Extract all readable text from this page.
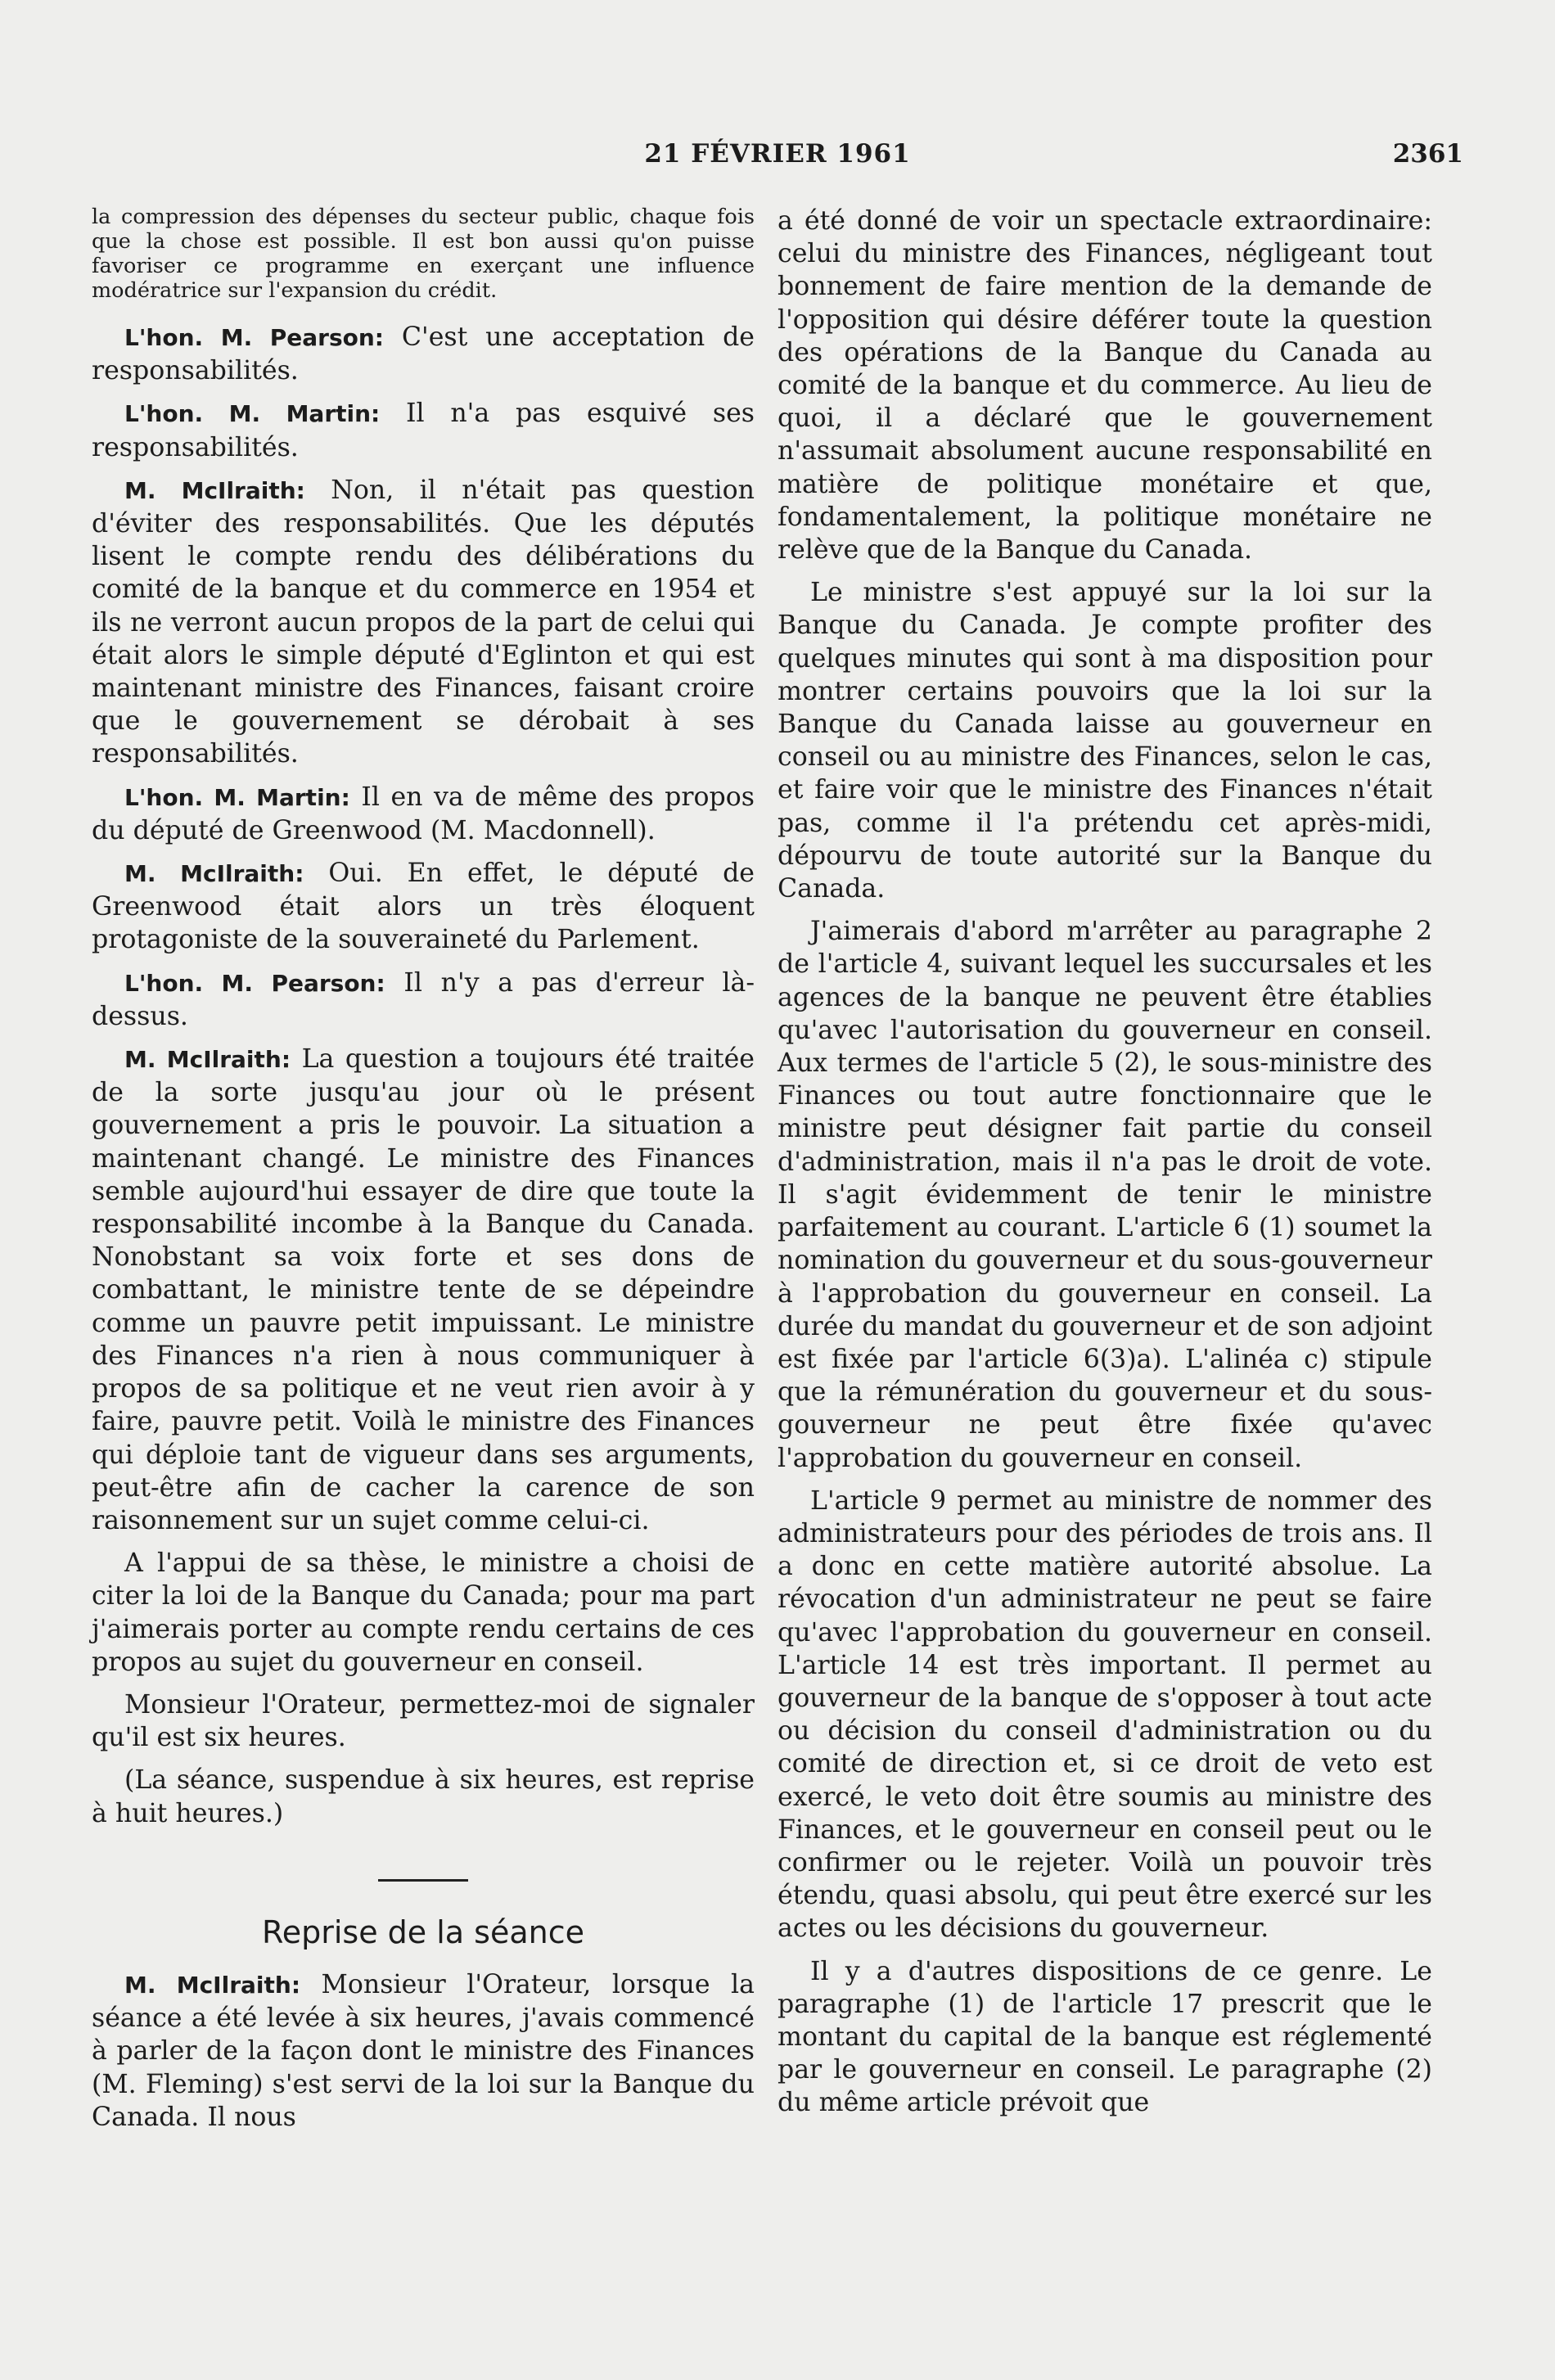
21 FÉVRIER 1961	2361

la compression des dépenses du secteur public, chaque fois que la chose est possible. Il est bon aussi qu'on puisse favoriser ce programme en exerçant une influence modératrice sur l'expansion du crédit.

L'hon. M. Pearson: C'est une acceptation de responsabilités.

L'hon. M. Martin: Il n'a pas esquivé ses responsabilités.

M. McIlraith: Non, il n'était pas question d'éviter des responsabilités. Que les députés lisent le compte rendu des délibérations du comité de la banque et du commerce en 1954 et ils ne verront aucun propos de la part de celui qui était alors le simple député d'Eglinton et qui est maintenant ministre des Finances, faisant croire que le gouvernement se dérobait à ses responsabilités.

L'hon. M. Martin: Il en va de même des propos du député de Greenwood (M. Macdonnell).

M. McIlraith: Oui. En effet, le député de Greenwood était alors un très éloquent protagoniste de la souveraineté du Parlement.

L'hon. M. Pearson: Il n'y a pas d'erreur là-dessus.

M. McIlraith: La question a toujours été traitée de la sorte jusqu'au jour où le présent gouvernement a pris le pouvoir. La situation a maintenant changé. Le ministre des Finances semble aujourd'hui essayer de dire que toute la responsabilité incombe à la Banque du Canada. Nonobstant sa voix forte et ses dons de combattant, le ministre tente de se dépeindre comme un pauvre petit impuissant. Le ministre des Finances n'a rien à nous communiquer à propos de sa politique et ne veut rien avoir à y faire, pauvre petit. Voilà le ministre des Finances qui déploie tant de vigueur dans ses arguments, peut-être afin de cacher la carence de son raisonnement sur un sujet comme celui-ci.

A l'appui de sa thèse, le ministre a choisi de citer la loi de la Banque du Canada; pour ma part j'aimerais porter au compte rendu certains de ces propos au sujet du gouverneur en conseil.

Monsieur l'Orateur, permettez-moi de signaler qu'il est six heures.

(La séance, suspendue à six heures, est reprise à huit heures.)

Reprise de la séance

M. McIlraith: Monsieur l'Orateur, lorsque la séance a été levée à six heures, j'avais commencé à parler de la façon dont le ministre des Finances (M. Fleming) s'est servi de la loi sur la Banque du Canada. Il nous

a été donné de voir un spectacle extraordinaire: celui du ministre des Finances, négligeant tout bonnement de faire mention de la demande de l'opposition qui désire déférer toute la question des opérations de la Banque du Canada au comité de la banque et du commerce. Au lieu de quoi, il a déclaré que le gouvernement n'assumait absolument aucune responsabilité en matière de politique monétaire et que, fondamentalement, la politique monétaire ne relève que de la Banque du Canada.

Le ministre s'est appuyé sur la loi sur la Banque du Canada. Je compte profiter des quelques minutes qui sont à ma disposition pour montrer certains pouvoirs que la loi sur la Banque du Canada laisse au gouverneur en conseil ou au ministre des Finances, selon le cas, et faire voir que le ministre des Finances n'était pas, comme il l'a prétendu cet après-midi, dépourvu de toute autorité sur la Banque du Canada.

J'aimerais d'abord m'arrêter au paragraphe 2 de l'article 4, suivant lequel les succursales et les agences de la banque ne peuvent être établies qu'avec l'autorisation du gouverneur en conseil. Aux termes de l'article 5 (2), le sous-ministre des Finances ou tout autre fonctionnaire que le ministre peut désigner fait partie du conseil d'administration, mais il n'a pas le droit de vote. Il s'agit évidemment de tenir le ministre parfaitement au courant. L'article 6 (1) soumet la nomination du gouverneur et du sous-gouverneur à l'approbation du gouverneur en conseil. La durée du mandat du gouverneur et de son adjoint est fixée par l'article 6(3)a). L'alinéa c) stipule que la rémunération du gouverneur et du sous-gouverneur ne peut être fixée qu'avec l'approbation du gouverneur en conseil.

L'article 9 permet au ministre de nommer des administrateurs pour des périodes de trois ans. Il a donc en cette matière autorité absolue. La révocation d'un administrateur ne peut se faire qu'avec l'approbation du gouverneur en conseil. L'article 14 est très important. Il permet au gouverneur de la banque de s'opposer à tout acte ou décision du conseil d'administration ou du comité de direction et, si ce droit de veto est exercé, le veto doit être soumis au ministre des Finances, et le gouverneur en conseil peut ou le confirmer ou le rejeter. Voilà un pouvoir très étendu, quasi absolu, qui peut être exercé sur les actes ou les décisions du gouverneur.

Il y a d'autres dispositions de ce genre. Le paragraphe (1) de l'article 17 prescrit que le montant du capital de la banque est réglementé par le gouverneur en conseil. Le paragraphe (2) du même article prévoit que
